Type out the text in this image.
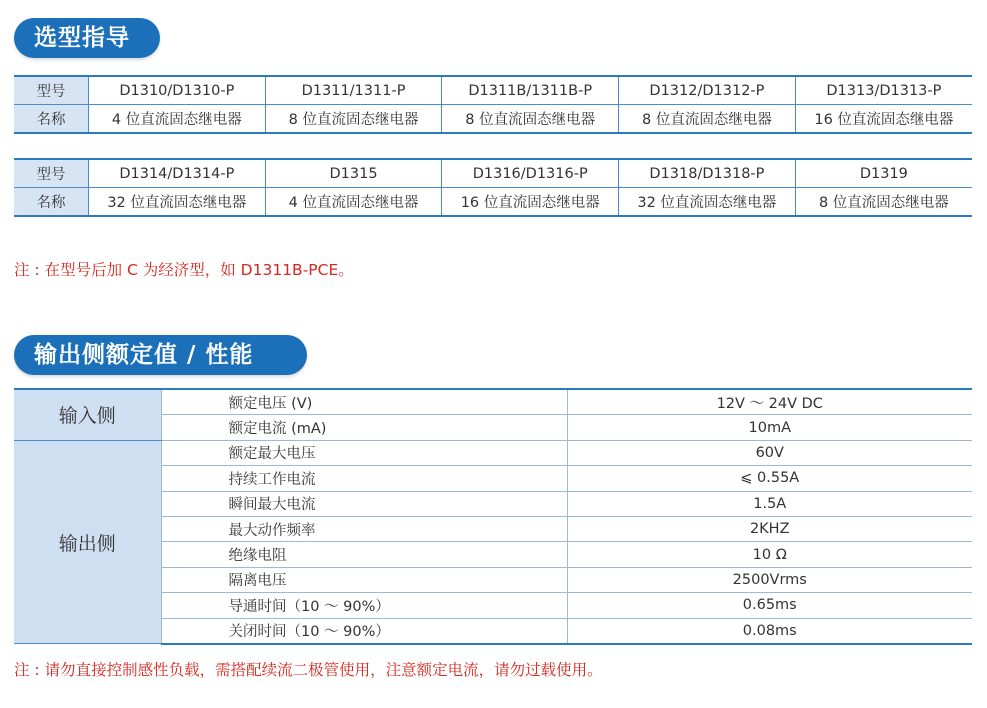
选型指导
型号	D1310/D1310-P	D1311/1311-P	D1311B/1311B-P	D1312/D1312-P	D1313/D1313-P
名称	4 位直流固态继电器	8 位直流固态继电器	8 位直流固态继电器	8 位直流固态继电器	16 位直流固态继电器
型号	D1314/D1314-P	D1315	D1316/D1316-P	D1318/D1318-P	D1319
名称	32 位直流固态继电器	4 位直流固态继电器	16 位直流固态继电器	32 位直流固态继电器	8 位直流固态继电器
注 : 在型号后加 C 为经济型，如 D1311B-PCE。
输出侧额定值 / 性能
输入侧	额定电压 (V)	12V ～ 24V DC
	额定电流 (mA)	10mA
输出侧	额定最大电压	60V
	持续工作电流	⩽ 0.55A
	瞬间最大电流	1.5A
	最大动作频率	2KHZ
	绝缘电阻	10 Ω
	隔离电压	2500Vrms
	导通时间（10 ～ 90%）	0.65ms
	关闭时间（10 ～ 90%）	0.08ms
注 : 请勿直接控制感性负载，需搭配续流二极管使用，注意额定电流，请勿过载使用。
